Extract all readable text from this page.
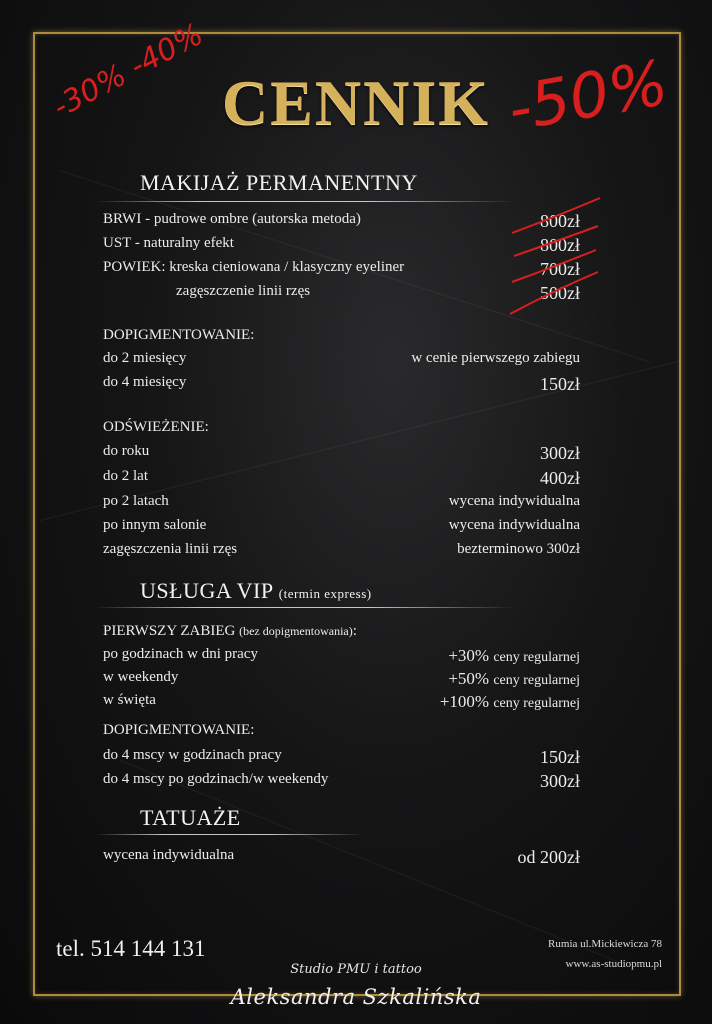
CENNIK
MAKIJAŻ PERMANENTNY
BRWI - pudrowe ombre (autorska metoda)	800zł
UST - naturalny efekt	800zł
POWIEK: kreska cieniowana / klasyczny eyeliner	700zł
zagęszczenie linii rzęs	500zł
DOPIGMENTOWANIE:
do 2 miesięcy	w cenie pierwszego zabiegu
do 4 miesięcy	150zł
ODŚWIEŻENIE:
do roku	300zł
do 2 lat	400zł
po 2 latach	wycena indywidualna
po innym salonie	wycena indywidualna
zagęszczenia linii rzęs	bezterminowo 300zł
USŁUGA VIP (termin express)
PIERWSZY ZABIEG (bez dopigmentowania):
po godzinach w dni pracy	+30% ceny regularnej
w weekendy	+50% ceny regularnej
w święta	+100% ceny regularnej
DOPIGMENTOWANIE:
do 4 mscy w godzinach pracy	150zł
do 4 mscy po godzinach/w weekendy	300zł
TATUAŻE
wycena indywidualna	od 200zł
tel. 514 144 131	Rumia ul.Mickiewicza 78
www.as-studiopmu.pl
Studio PMU i tattoo
Aleksandra Szkalińska
-30% -40%	-50%
